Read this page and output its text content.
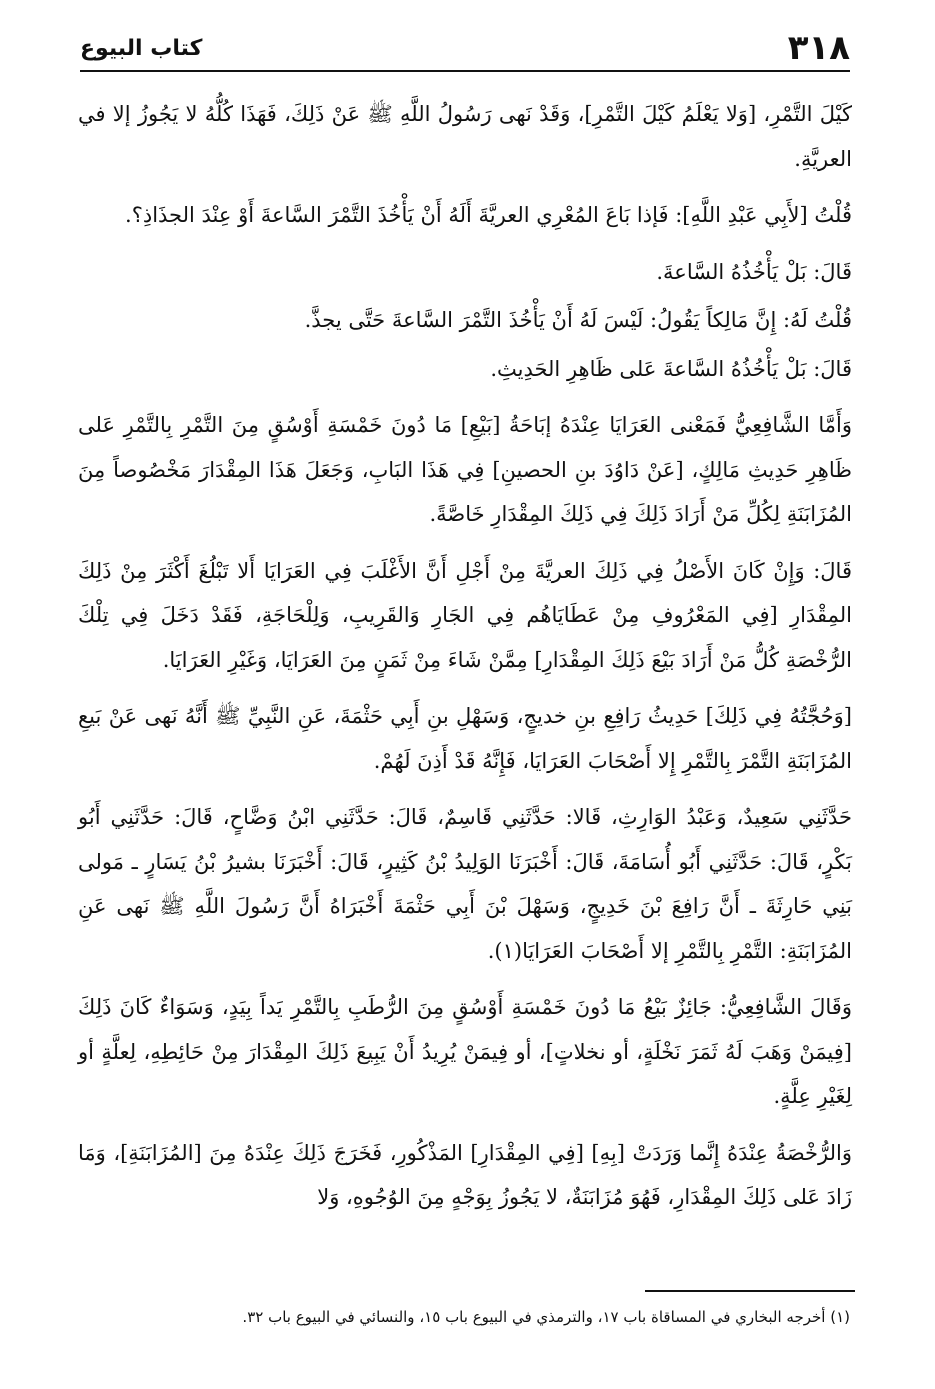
٣١٨
كتاب البيوع

كَيْلَ التَّمْرِ، [وَلا يَعْلَمُ كَيْلَ التَّمْرِ]، وَقَدْ نَهى رَسُولُ اللَّهِ ﷺ عَنْ ذَلِكَ، فَهَذَا كُلُّهُ لا يَجُوزُ إلا في العريَّةِ.

قُلْتُ [لأَبِي عَبْدِ اللَّهِ]: فَإذا بَاعَ المُعْرِي العريَّةَ أَلَهُ أَنْ يَأْخُذَ التَّمْرَ السَّاعةَ أَوْ عِنْدَ الجذَاذِ؟.

قَالَ: بَلْ يَأْخُذُهُ السَّاعةَ.

قُلْتُ لَهُ: إِنَّ مَالِكاً يَقُولُ: لَيْسَ لَهُ أَنْ يَأْخُذَ التَّمْرَ السَّاعةَ حَتَّى يجذَّ.

قَالَ: بَلْ يَأْخُذُهُ السَّاعةَ عَلى ظَاهِرِ الحَدِيثِ.

وَأَمَّا الشَّافِعِيُّ فَمَعْنى العَرَايَا عِنْدَهُ إبَاحَةُ [بَيْعِ] مَا دُونَ خَمْسَةِ أَوْسُقٍ مِنَ التَّمْرِ بِالتَّمْرِ عَلى ظَاهِرِ حَدِيثِ مَالِكٍ، [عَنْ دَاوُدَ بنِ الحصينِ] فِي هَذَا البَابِ، وَجَعَلَ هَذَا المِقْدَارَ مَخْصُوصاً مِنَ المُزَابَنَةِ لِكُلِّ مَنْ أَرَادَ ذَلِكَ فِي ذَلِكَ المِقْدَارِ خَاصَّةً.

قَالَ: وَإِنْ كَانَ الأَصْلُ فِي ذَلِكَ العريَّةَ مِنْ أَجْلِ أَنَّ الأَغْلَبَ فِي العَرَايَا أَلا تَبْلُغَ أَكْثَرَ مِنْ ذَلِكَ المِقْدَارِ [فِي المَعْرُوفِ مِنْ عَطَايَاهُم فِي الجَارِ وَالقَرِيبِ، وَلِلْحَاجَةِ، فَقَدْ دَخَلَ فِي تِلْكَ الرُّخْصَةِ كُلُّ مَنْ أَرَادَ بَيْعَ ذَلِكَ المِقْدَارِ] مِمَّنْ شَاءَ مِنْ ثَمَنٍ مِنَ العَرَايَا، وَغَيْرِ العَرَايَا.

[وَحُجَّتُهُ فِي ذَلِكَ] حَدِيثُ رَافِعِ بنِ خديجٍ، وَسَهْلِ بنِ أَبِي حَثْمَةَ، عَنِ النَّبِيِّ ﷺ أَنَّهُ نَهى عَنْ بَيعِ المُزَابَنَةِ التَّمْرَ بِالتَّمْرِ إِلا أَصْحَابَ العَرَايَا، فَإِنَّهُ قَدْ أَذِنَ لَهُمْ.

حَدَّثَنِي سَعِيدٌ، وَعَبْدُ الوَارِثِ، قَالا: حَدَّثَنِي قَاسِمٌ، قَالَ: حَدَّثَنِي ابْنُ وَضَّاحٍ، قَالَ: حَدَّثَنِي أَبُو بَكْرٍ، قَالَ: حَدَّثَنِي أَبُو أُسَامَةَ، قَالَ: أَخْبَرَنَا الوَلِيدُ بْنُ كَثِيرٍ، قَالَ: أَخْبَرَنَا بشيرُ بْنُ يَسَارٍ ـ مَولى بَنِي حَارِثَةَ ـ أَنَّ رَافِعَ بْنَ خَدِيجٍ، وَسَهْلَ بْنَ أَبِي حَثْمَةَ أَخْبَرَاهُ أَنَّ رَسُولَ اللَّهِ ﷺ نَهى عَنِ المُزَابَنَةِ: التَّمْرِ بِالتَّمْرِ إلا أَصْحَابَ العَرَايَا(١).

وَقَالَ الشَّافِعِيُّ: جَائِزٌ بَيْعُ مَا دُونَ خَمْسَةِ أَوْسُقٍ مِنَ الرُّطَبِ بِالتَّمْرِ يَداً بِيَدٍ، وَسَوَاءٌ كَانَ ذَلِكَ [فِيمَنْ وَهَبَ لَهُ ثَمَرَ نَخْلَةٍ، أو نخلاتٍ]، أو فِيمَنْ يُرِيدُ أَنْ يَبِيعَ ذَلِكَ المِقْدَارَ مِنْ حَائِطِهِ، لِعلَّةٍ أو لِغَيْرِ عِلَّةٍ.

وَالرُّخْصَةُ عِنْدَهُ إِنَّما وَرَدَتْ [بِهِ] [فِي المِقْدَارِ] المَذْكُورِ، فَخَرَجَ ذَلِكَ عِنْدَهُ مِنَ [المُزَابَنَةِ]، وَمَا زَادَ عَلى ذَلِكَ المِقْدَارِ، فَهُوَ مُزَابَنَةٌ، لا يَجُوزُ بِوَجْهٍ مِنَ الوُجُوهِ، وَلا

(١) أخرجه البخاري في المساقاة باب ١٧، والترمذي في البيوع باب ١٥، والنسائي في البيوع باب ٣٢.
